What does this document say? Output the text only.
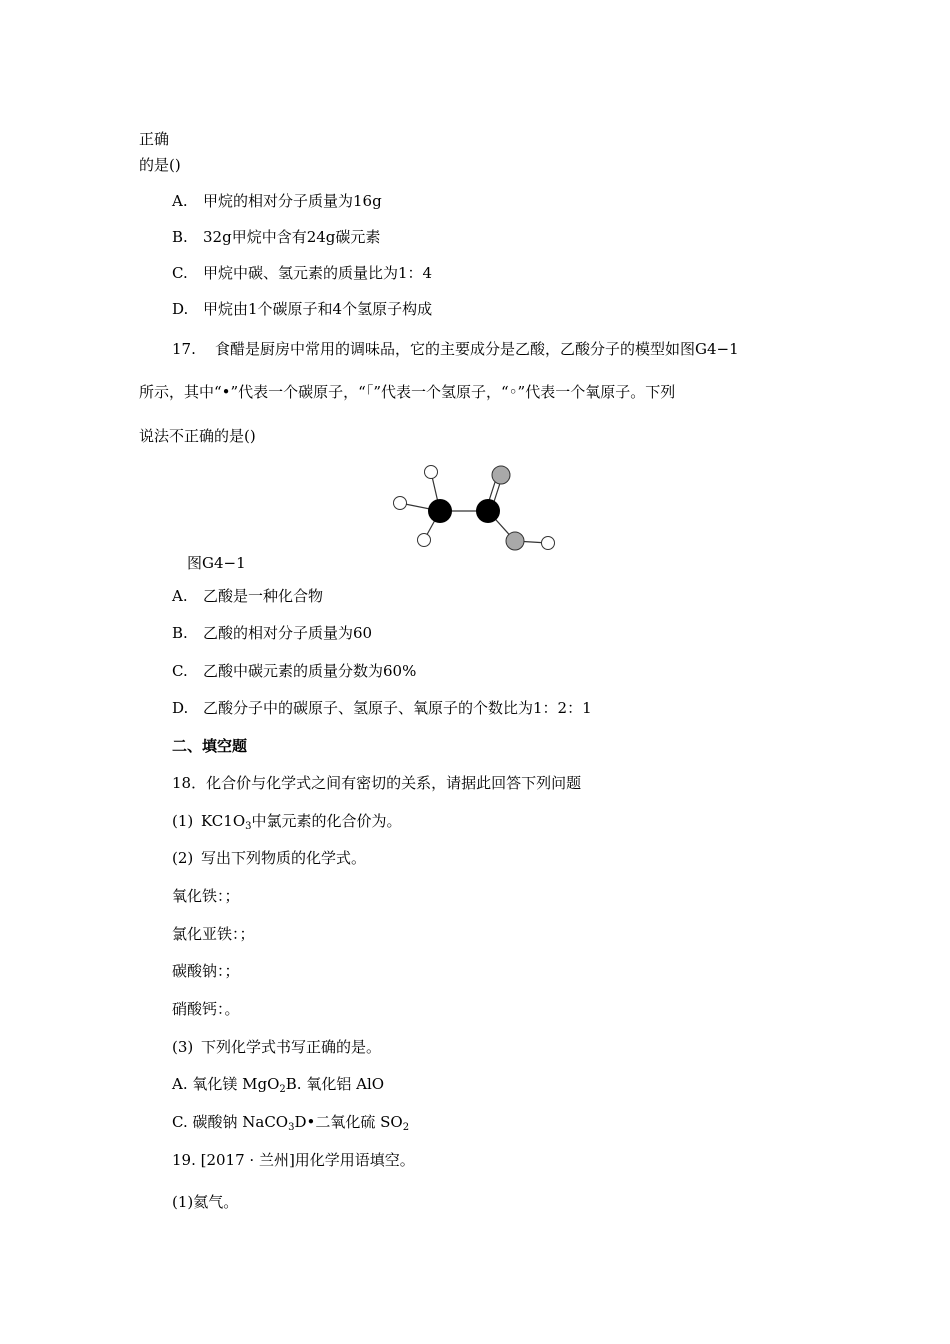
正确
的是()
A. 甲烷的相对分子质量为16g
B. 32g甲烷中含有24g碳元素
C. 甲烷中碳、氢元素的质量比为1：4
D. 甲烷由1个碳原子和4个氢原子构成
17. 食醋是厨房中常用的调味品，它的主要成分是乙酸，乙酸分子的模型如图G4−1
所示，其中“•”代表一个碳原子，“「”代表一个氢原子，“◦”代表一个氧原子。下列
说法不正确的是()
图G4−1
A. 乙酸是一种化合物
B. 乙酸的相对分子质量为60
C. 乙酸中碳元素的质量分数为60%
D. 乙酸分子中的碳原子、氢原子、氧原子的个数比为1：2：1
二、填空题
18．化合价与化学式之间有密切的关系，请据此回答下列问题
(1) $KC1O_3$中氯元素的化合价为。
(2) 写出下列物质的化学式。
氧化铁：；
氯化亚铁：；
碳酸钠：；
硝酸钙：。
(3) 下列化学式书写正确的是。
A. 氧化镁 MgO$_2$B. 氧化铝 AlO
C. 碳酸钠 NaCO$_3$D•二氧化硫 $SO_2$
19. [2017 · 兰州]用化学用语填空。
(1)氦气。
